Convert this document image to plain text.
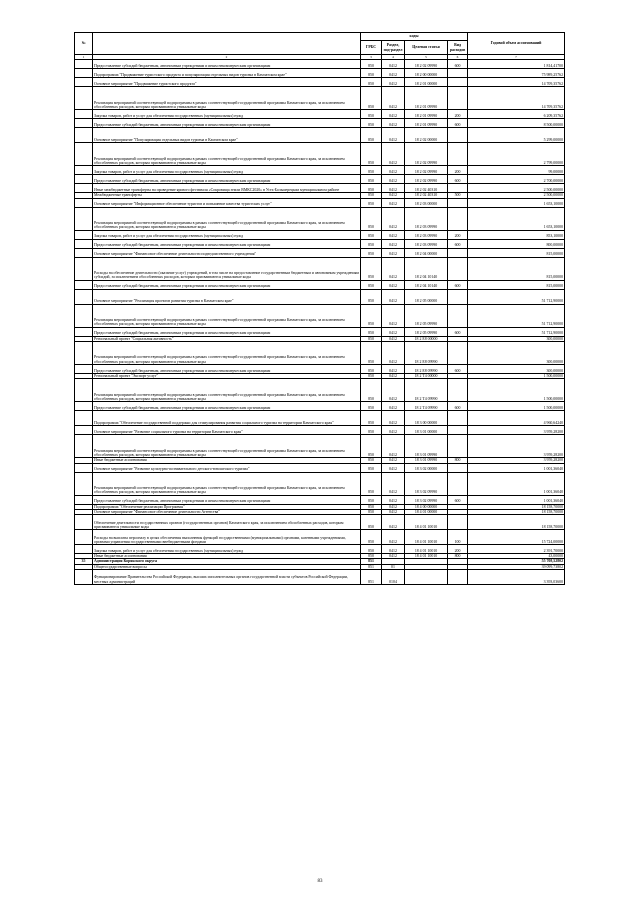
№		коды				Годовой объем ассигнований
		ГРБС	Раздел, под-раздел	Целевая статья	Вид расходов	
1	2	3	4	5	6	7
	Предоставление субсидий бюджетным, автономным учреждениям и иным некоммерческим организациям	850	0412	18 2 02 09990	600	1 814,41700
	Подпрограмма "Продвижение туристского продукта и популяризация отдельных видов туризма в Камчатском крае"	850	0412	18 2 00 00000		75 989,25762
	Основное мероприятие "Продвижение туристского продукта"	850	0412	18 2 01 00000		14 709,35762
	Реализация мероприятий соответствующей подпрограммы в рамках соответствующей государственной программы Камчатского края, за исключением обособленных расходов, которым присваиваются уникальные коды	850	0412	18 2 01 09990		14 709,35762
	Закупка товаров, работ и услуг для обеспечения государственных (муниципальных) нужд	850	0412	18 2 01 09990	200	6 209,35762
	Предоставление субсидий бюджетным, автономным учреждениям и иным некоммерческим организациям	850	0412	18 2 01 09990	600	8 500,00000
	Основное мероприятие "Популяризация отдельных видов туризма в Камчатском крае"	850	0412	18 2 02 00000		5 299,00000
	Реализация мероприятий соответствующей подпрограммы в рамках соответствующей государственной программы Камчатского края, за исключением обособленных расходов, которым присваиваются уникальные коды	850	0412	18 2 02 09990		2 799,00000
	Закупка товаров, работ и услуг для обеспечения государственных (муниципальных) нужд	850	0412	18 2 02 09990	200	99,00000
	Предоставление субсидий бюджетным, автономным учреждениям и иным некоммерческим организациям	850	0412	18 2 02 09990	600	2 700,00000
	Иные межбюджетные трансферты на проведение ярового фестиваля «Сокровища земли ВМКС2020» в Усть-Большерецком муниципальном районе	850	0412	18 2 02 40310		2 500,00000
	Межбюджетные трансферты	850	0412	18 2 02 40310	500	2 500,00000
	Основное мероприятие "Информационное обеспечение туристов и повышение качества туристских услуг"	850	0412	18 2 03 00000		1 653,10000
	Реализация мероприятий соответствующей подпрограммы в рамках соответствующей государственной программы Камчатского края, за исключением обособленных расходов, которым присваиваются уникальные коды	850	0412	18 2 03 09990		1 653,10000
	Закупка товаров, работ и услуг для обеспечения государственных (муниципальных) нужд	850	0412	18 2 03 09990	200	853,10000
	Предоставление субсидий бюджетным, автономным учреждениям и иным некоммерческим организациям	850	0412	18 2 03 09990	600	800,00000
	Основное мероприятие "Финансовое обеспечение деятельности подведомственного учреждения"	850	0412	18 2 04 00000		815,00000
	Расходы на обеспечение деятельности (оказание услуг) учреждений, в том числе на предоставление государственным бюджетным и автономным учреждениям субсидий, за исключением обособленных расходов, которым присваиваются уникальные коды	850	0412	18 2 04 10140		815,00000
	Предоставление субсидий бюджетным, автономным учреждениям и иным некоммерческим организациям	850	0412	18 2 04 10140	600	815,00000
	Основное мероприятие "Реализация проектов развития туризма в Камчатском крае"	850	0412	18 2 05 00000		51 712,90000
	Реализация мероприятий соответствующей подпрограммы в рамках соответствующей государственной программы Камчатского края, за исключением обособленных расходов, которым присваиваются уникальные коды	850	0412	18 2 05 09990		51 712,90000
	Предоставление субсидий бюджетным, автономным учреждениям и иным некоммерческим организациям	850	0412	18 2 05 09990	600	51 712,90000
	Региональный проект "Социальная активность"	850	0412	18 2 Е8 00000		300,00000
	Реализация мероприятий соответствующей подпрограммы в рамках соответствующей государственной программы Камчатского края, за исключением обособленных расходов, которым присваиваются уникальные коды	850	0412	18 2 Е8 09990		300,00000
	Предоставление субсидий бюджетным, автономным учреждениям и иным некоммерческим организациям	850	0412	18 2 Е8 09990	600	300,00000
	Региональный проект "Экспорт услуг"	850	0412	18 2 Т4 00000		1 500,00000
	Реализация мероприятий соответствующей подпрограммы в рамках соответствующей государственной программы Камчатского края, за исключением обособленных расходов, которым присваиваются уникальные коды	850	0412	18 2 Т4 09990		1 500,00000
	Предоставление субсидий бюджетным, автономным учреждениям и иным некоммерческим организациям	850	0412	18 2 Т4 09990	600	1 500,00000
	Подпрограмма "Обеспечение государственной поддержки для стимулирования развития социального туризма на территории Камчатского края"	850	0412	18 3 00 00000		4 960,64240
	Основное мероприятие "Развитие социального туризма на территории Камчатского края"	850	0412	18 3 01 00000		3 959,28200
	Реализация мероприятий соответствующей подпрограммы в рамках соответствующей государственной программы Камчатского края, за исключением обособленных расходов, которым присваиваются уникальные коды	850	0412	18 3 01 09990		3 959,28200
	Иные бюджетные ассигнования	850	0412	18 3 01 09990	800	3 959,28200
	Основное мероприятие "Развитие культурно-познавательного детского-юношеского туризма"	850	0412	18 3 02 00000		1 001,36040
	Реализация мероприятий соответствующей подпрограммы в рамках соответствующей государственной программы Камчатского края, за исключением обособленных расходов, которым присваиваются уникальные коды	850	0412	18 3 02 09990		1 001,36040
	Предоставление субсидий бюджетным, автономным учреждениям и иным некоммерческим организациям	850	0412	18 3 02 09990	600	1 001,36040
	Подпрограмма "Обеспечение реализации Программы"	850	0412	18 4 00 00000		18 158,70000
	Основное мероприятие "Финансовое обеспечение деятельности Агентства"	850	0412	18 4 01 00000		18 158,70000
	Обеспечение деятельности государственных органов (государственных органов) Камчатского края, за исключением обособленных расходов, которым присваиваются уникальные коды	850	0412	18 4 01 10010		18 158,70000
	Расходы на выплаты персоналу в целях обеспечения выполнения функций государственными (муниципальными) органами, казенными учреждениями, органами управления государственными внебюджетными фондами	850	0412	18 4 01 10010	100	15 724,00000
	Закупка товаров, работ и услуг для обеспечения государственных (муниципальных) нужд	850	0412	18 4 01 10010	200	2 391,70000
	Иные бюджетные ассигнования	850	0412	18 4 01 10010	800	43,00000
35	Администрация Корякского округа	851				55 708,52802
	Общегосударственные вопросы	851	01			39 099,73802
	Функционирование Правительства Российской Федерации, высших исполнительных органов государственной власти субъектов Российской Федерации, местных администраций	851	0104			3 393,03600
83
